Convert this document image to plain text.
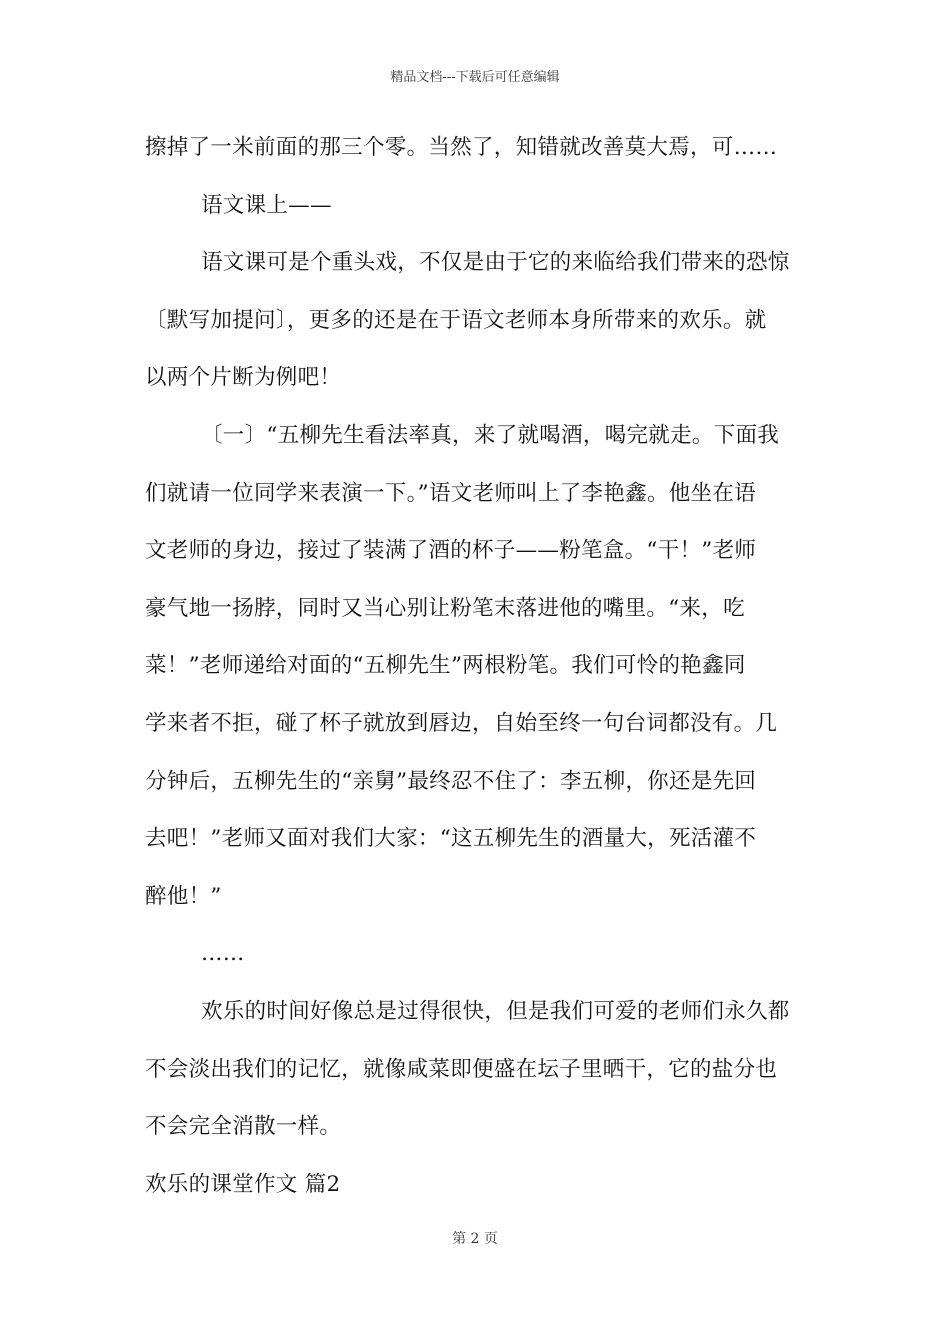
精品文档---下载后可任意编辑
擦掉了一米前面的那三个零。当然了，知错就改善莫大焉，可……
语文课上——
语文课可是个重头戏，不仅是由于它的来临给我们带来的恐惊
〔默写加提问〕，更多的还是在于语文老师本身所带来的欢乐。就
以两个片断为例吧！
〔一〕“五柳先生看法率真，来了就喝酒，喝完就走。下面我
们就请一位同学来表演一下。”语文老师叫上了李艳鑫。他坐在语
文老师的身边，接过了装满了酒的杯子——粉笔盒。“干！”老师
豪气地一扬脖，同时又当心别让粉笔末落进他的嘴里。“来，吃
菜！”老师递给对面的“五柳先生”两根粉笔。我们可怜的艳鑫同
学来者不拒，碰了杯子就放到唇边，自始至终一句台词都没有。几
分钟后，五柳先生的“亲舅”最终忍不住了：李五柳，你还是先回
去吧！”老师又面对我们大家：“这五柳先生的酒量大，死活灌不
醉他！”
……
欢乐的时间好像总是过得很快，但是我们可爱的老师们永久都
不会淡出我们的记忆，就像咸菜即便盛在坛子里晒干，它的盐分也
不会完全消散一样。
欢乐的课堂作文 篇2
第 2 页
